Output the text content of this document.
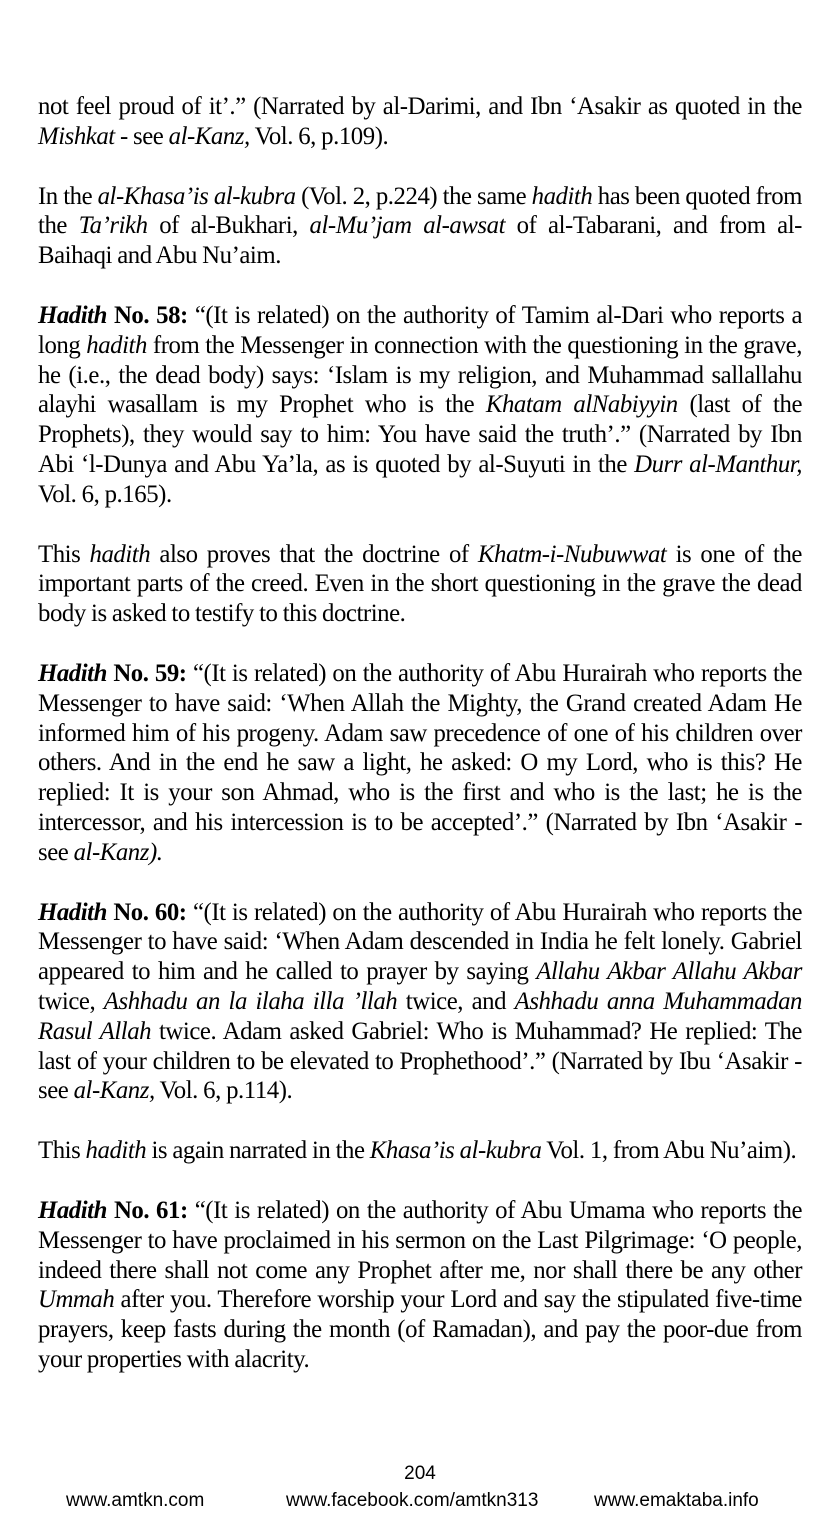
not feel proud of it’.” (Narrated by al-Darimi, and Ibn ‘Asakir as quoted in the Mishkat - see al-Kanz, Vol. 6, p.109).

In the al-Khasa’is al-kubra (Vol. 2, p.224) the same hadith has been quoted from the Ta’rikh of al-Bukhari, al-Mu’jam al-awsat of al-Tabarani, and from al-Baihaqi and Abu Nu’aim.

Hadith No. 58: “(It is related) on the authority of Tamim al-Dari who reports a long hadith from the Messenger in connection with the questioning in the grave, he (i.e., the dead body) says: ‘Islam is my religion, and Muhammad sallallahu alayhi wasallam is my Prophet who is the Khatam alNabiyyin (last of the Prophets), they would say to him: You have said the truth’.” (Narrated by Ibn Abi ‘l-Dunya and Abu Ya’la, as is quoted by al-Suyuti in the Durr al-Manthur, Vol. 6, p.165).

This hadith also proves that the doctrine of Khatm-i-Nubuwwat is one of the important parts of the creed. Even in the short questioning in the grave the dead body is asked to testify to this doctrine.

Hadith No. 59: “(It is related) on the authority of Abu Hurairah who reports the Messenger to have said: ‘When Allah the Mighty, the Grand created Adam He informed him of his progeny. Adam saw precedence of one of his children over others. And in the end he saw a light, he asked: O my Lord, who is this? He replied: It is your son Ahmad, who is the first and who is the last; he is the intercessor, and his intercession is to be accepted’.” (Narrated by Ibn ‘Asakir - see al-Kanz).

Hadith No. 60: “(It is related) on the authority of Abu Hurairah who reports the Messenger to have said: ‘When Adam descended in India he felt lonely. Gabriel appeared to him and he called to prayer by saying Allahu Akbar Allahu Akbar twice, Ashhadu an la ilaha illa ’llah twice, and Ashhadu anna Muhammadan Rasul Allah twice. Adam asked Gabriel: Who is Muhammad? He replied: The last of your children to be elevated to Prophethood’.” (Narrated by Ibu ‘Asakir - see al-Kanz, Vol. 6, p.114).

This hadith is again narrated in the Khasa’is al-kubra Vol. 1, from Abu Nu’aim).

Hadith No. 61: “(It is related) on the authority of Abu Umama who reports the Messenger to have proclaimed in his sermon on the Last Pilgrimage: ‘O people, indeed there shall not come any Prophet after me, nor shall there be any other Ummah after you. Therefore worship your Lord and say the stipulated five-time prayers, keep fasts during the month (of Ramadan), and pay the poor-due from your properties with alacrity.

204
www.amtkn.com	www.facebook.com/amtkn313	www.emaktaba.info
